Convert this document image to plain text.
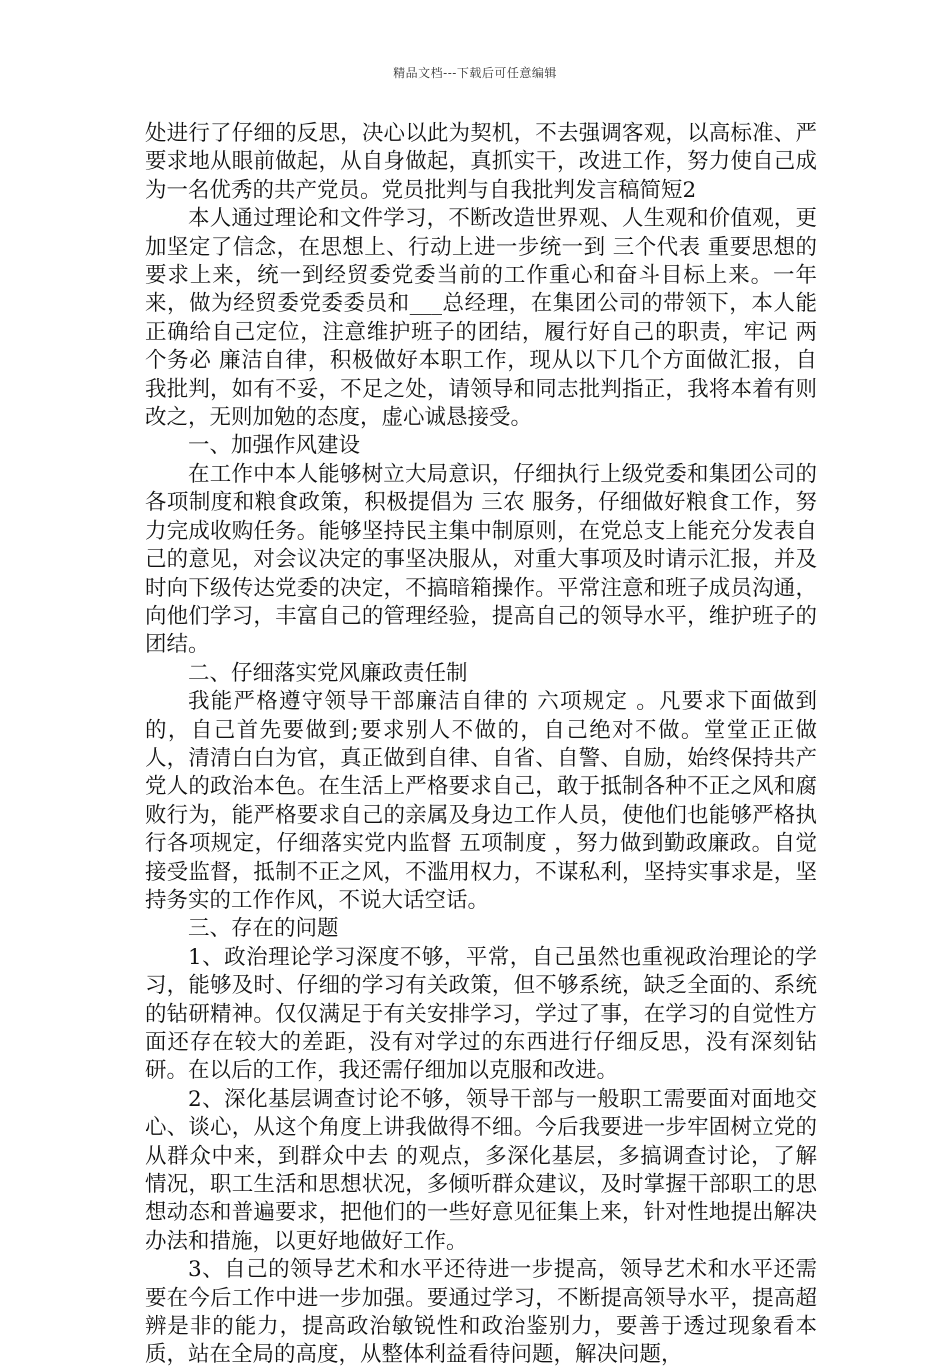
精品文档---下载后可任意编辑

处进行了仔细的反思，决心以此为契机，不去强调客观，以高标准、严要求地从眼前做起，从自身做起，真抓实干，改进工作，努力使自己成为一名优秀的共产党员。党员批判与自我批判发言稿简短2

本人通过理论和文件学习，不断改造世界观、人生观和价值观，更加坚定了信念，在思想上、行动上进一步统一到 三个代表 重要思想的要求上来，统一到经贸委党委当前的工作重心和奋斗目标上来。一年来，做为经贸委党委委员和___总经理，在集团公司的带领下，本人能正确给自己定位，注意维护班子的团结，履行好自己的职责，牢记 两个务必 廉洁自律，积极做好本职工作，现从以下几个方面做汇报，自我批判，如有不妥，不足之处，请领导和同志批判指正，我将本着有则改之，无则加勉的态度，虚心诚恳接受。

一、加强作风建设

在工作中本人能够树立大局意识，仔细执行上级党委和集团公司的各项制度和粮食政策，积极提倡为 三农 服务，仔细做好粮食工作，努力完成收购任务。能够坚持民主集中制原则，在党总支上能充分发表自己的意见，对会议决定的事坚决服从，对重大事项及时请示汇报，并及时向下级传达党委的决定，不搞暗箱操作。平常注意和班子成员沟通，向他们学习，丰富自己的管理经验，提高自己的领导水平，维护班子的团结。

二、仔细落实党风廉政责任制

我能严格遵守领导干部廉洁自律的 六项规定 。凡要求下面做到的，自己首先要做到;要求别人不做的，自己绝对不做。堂堂正正做人，清清白白为官，真正做到自律、自省、自警、自励，始终保持共产党人的政治本色。在生活上严格要求自己，敢于抵制各种不正之风和腐败行为，能严格要求自己的亲属及身边工作人员，使他们也能够严格执行各项规定，仔细落实党内监督 五项制度 ，努力做到勤政廉政。自觉接受监督，抵制不正之风，不滥用权力，不谋私利，坚持实事求是，坚持务实的工作作风，不说大话空话。

三、存在的问题

1、政治理论学习深度不够，平常，自己虽然也重视政治理论的学习，能够及时、仔细的学习有关政策，但不够系统，缺乏全面的、系统的钻研精神。仅仅满足于有关安排学习，学过了事，在学习的自觉性方面还存在较大的差距，没有对学过的东西进行仔细反思，没有深刻钻研。在以后的工作，我还需仔细加以克服和改进。

2、深化基层调查讨论不够，领导干部与一般职工需要面对面地交心、谈心，从这个角度上讲我做得不细。今后我要进一步牢固树立党的 从群众中来，到群众中去 的观点，多深化基层，多搞调查讨论，了解情况，职工生活和思想状况，多倾听群众建议，及时掌握干部职工的思想动态和普遍要求，把他们的一些好意见征集上来，针对性地提出解决办法和措施，以更好地做好工作。

3、自己的领导艺术和水平还待进一步提高，领导艺术和水平还需要在今后工作中进一步加强。要通过学习，不断提高领导水平，提高超辨是非的能力，提高政治敏锐性和政治鉴别力，要善于透过现象看本质，站在全局的高度，从整体利益看待问题，解决问题，
